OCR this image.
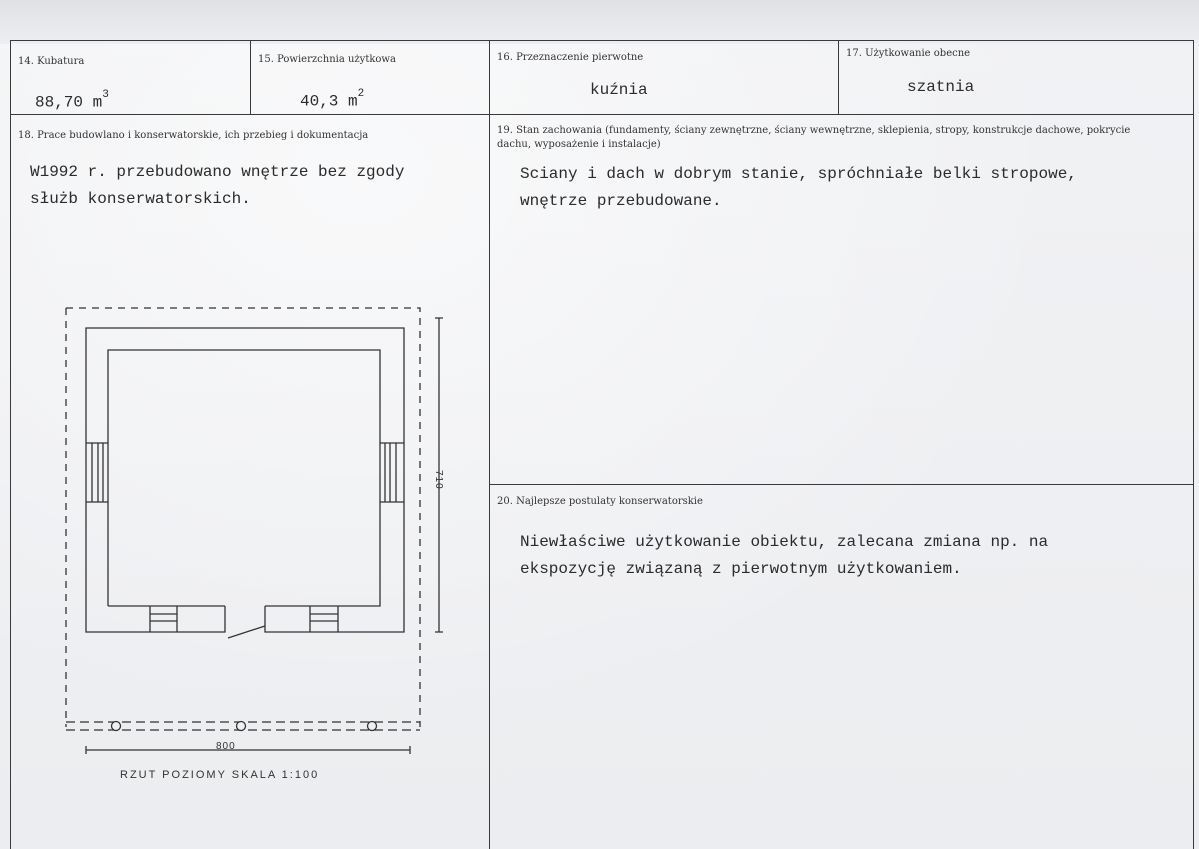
14. Kubatura
88,70 $m^3$
15. Powierzchnia użytkowa
40,3 $m^2$
16. Przeznaczenie pierwotne
kuźnia
17. Użytkowanie obecne
szatnia
18. Prace budowlano i konserwatorskie, ich przebieg i dokumentacja
W1992 r. przebudowano wnętrze bez zgody
służb konserwatorskich.
19. Stan zachowania (fundamenty, ściany zewnętrzne, ściany wewnętrzne, sklepienia, stropy, konstrukcje dachowe, pokrycie dachu, wyposażenie i instalacje)
Sciany i dach w dobrym stanie, spróchniałe belki stropowe,
wnętrze przebudowane.
20. Najlepsze postulaty konserwatorskie
Niewłaściwe użytkowanie obiektu, zalecana zmiana np. na
ekspozycję związaną z pierwotnym użytkowaniem.
800
710
RZUT POZIOMY SKALA 1:100
